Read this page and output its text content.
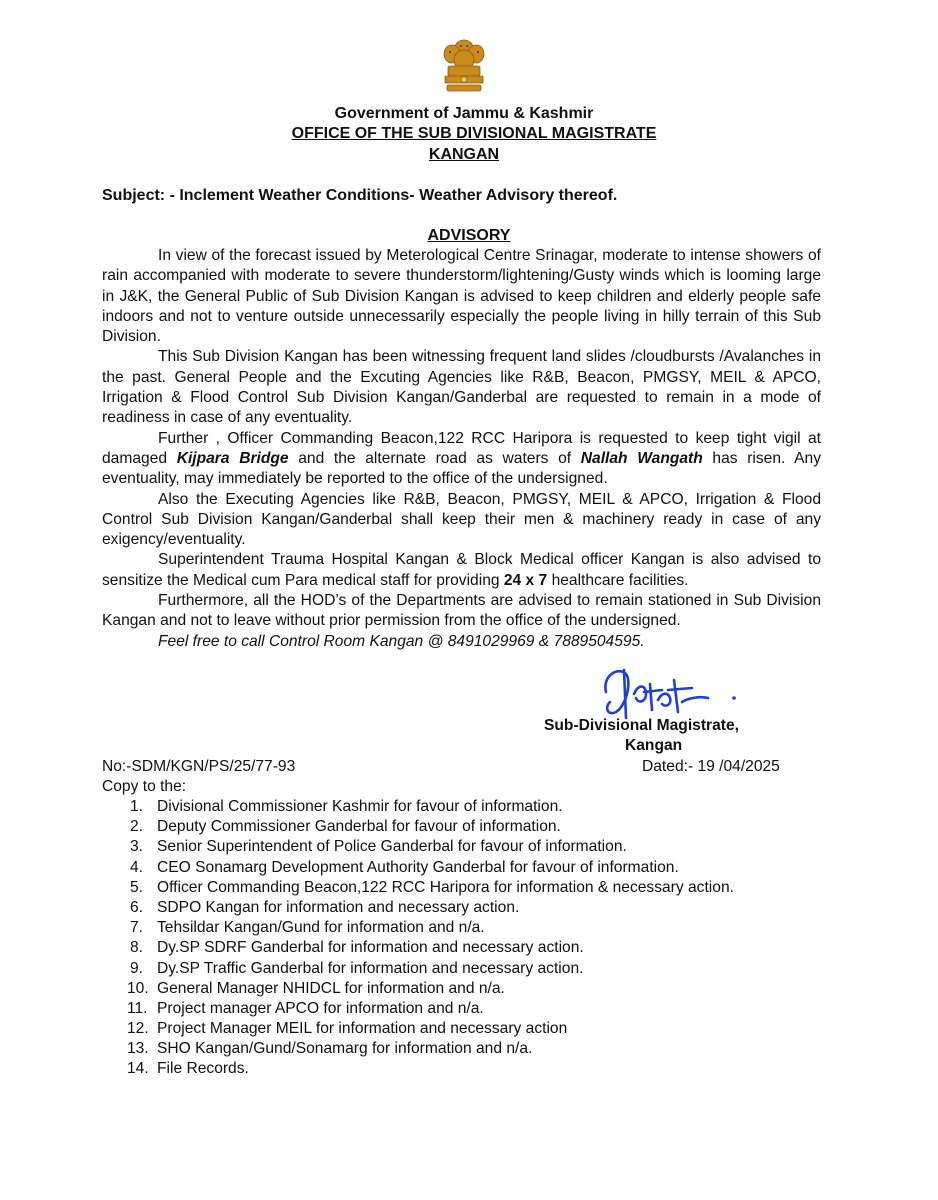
Government of Jammu & Kashmir
OFFICE OF THE SUB DIVISIONAL MAGISTRATE
KANGAN
Subject: - Inclement Weather Conditions- Weather Advisory thereof.
ADVISORY

In view of the forecast issued by Meterological Centre Srinagar, moderate to intense showers of rain accompanied with moderate to severe thunderstorm/lightening/Gusty winds which is looming large in J&K, the General Public of Sub Division Kangan is advised to keep children and elderly people safe indoors and not to venture outside unnecessarily especially the people living in hilly terrain of this Sub Division.

This Sub Division Kangan has been witnessing frequent land slides /cloudbursts /Avalanches in the past. General People and the Excuting Agencies like R&B, Beacon, PMGSY, MEIL & APCO, Irrigation & Flood Control Sub Division Kangan/Ganderbal are requested to remain in a mode of readiness in case of any eventuality.

Further , Officer Commanding Beacon,122 RCC Haripora is requested to keep tight vigil at damaged Kijpara Bridge and the alternate road as waters of Nallah Wangath has risen. Any eventuality, may immediately be reported to the office of the undersigned.

Also the Executing Agencies like R&B, Beacon, PMGSY, MEIL & APCO, Irrigation & Flood Control Sub Division Kangan/Ganderbal shall keep their men & machinery ready in case of any exigency/eventuality.

Superintendent Trauma Hospital Kangan & Block Medical officer Kangan is also advised to sensitize the Medical cum Para medical staff for providing 24 x 7 healthcare facilities.

Furthermore, all the HOD’s of the Departments are advised to remain stationed in Sub Division Kangan and not to leave without prior permission from the office of the undersigned.

Feel free to call Control Room Kangan @ 8491029969 & 7889504595.

Sub-Divisional Magistrate,
Kangan
No:-SDM/KGN/PS/25/77-93	Dated:- 19 /04/2025
Copy to the:
1. Divisional Commissioner Kashmir for favour of information.
2. Deputy Commissioner Ganderbal for favour of information.
3. Senior Superintendent of Police Ganderbal for favour of information.
4. CEO Sonamarg Development Authority Ganderbal for favour of information.
5. Officer Commanding Beacon,122 RCC Haripora for information & necessary action.
6. SDPO Kangan for information and necessary action.
7. Tehsildar Kangan/Gund for information and n/a.
8. Dy.SP SDRF Ganderbal for information and necessary action.
9. Dy.SP Traffic Ganderbal for information and necessary action.
10. General Manager NHIDCL for information and n/a.
11. Project manager APCO for information and n/a.
12. Project Manager MEIL for information and necessary action
13. SHO Kangan/Gund/Sonamarg for information and n/a.
14. File Records.
